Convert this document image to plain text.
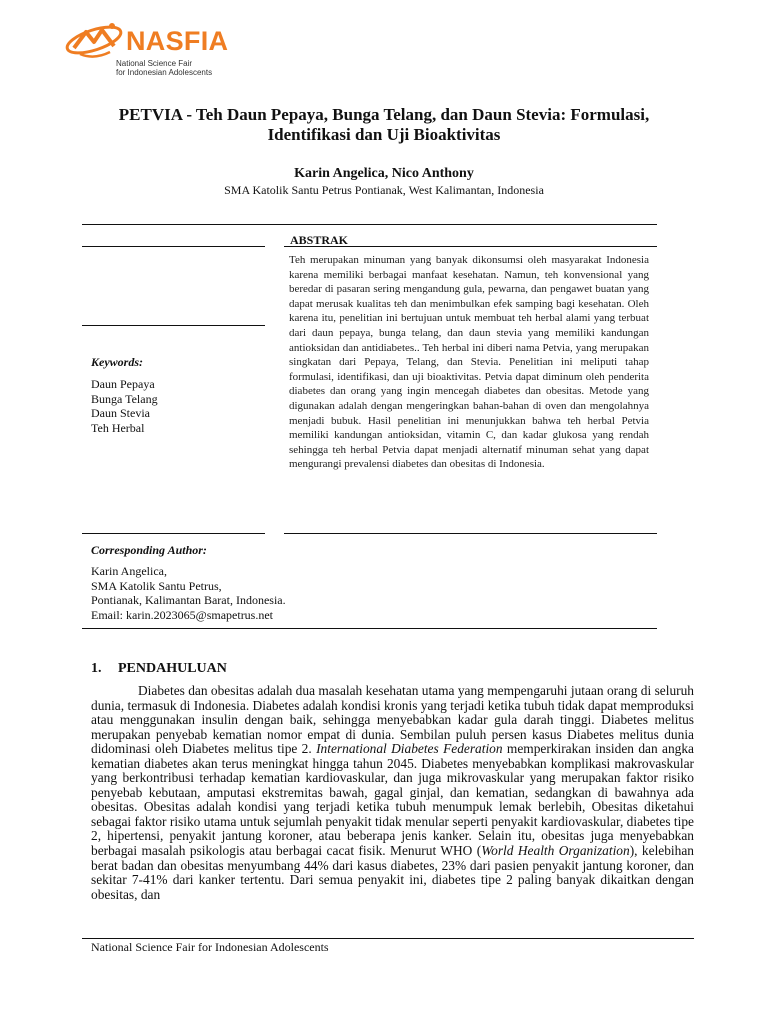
NASFIA
National Science Fair
for Indonesian Adolescents
PETVIA - Teh Daun Pepaya, Bunga Telang, dan Daun Stevia: Formulasi,
Identifikasi dan Uji Bioaktivitas
Karin Angelica, Nico Anthony
SMA Katolik Santu Petrus Pontianak, West Kalimantan, Indonesia
ABSTRAK
Teh merupakan minuman yang banyak dikonsumsi oleh masyarakat Indonesia karena memiliki berbagai manfaat kesehatan. Namun, teh konvensional yang beredar di pasaran sering mengandung gula, pewarna, dan pengawet buatan yang dapat merusak kualitas teh dan menimbulkan efek samping bagi kesehatan. Oleh karena itu, penelitian ini bertujuan untuk membuat teh herbal alami yang terbuat dari daun pepaya, bunga telang, dan daun stevia yang memiliki kandungan antioksidan dan antidiabetes.. Teh herbal ini diberi nama Petvia, yang merupakan singkatan dari Pepaya, Telang, dan Stevia. Penelitian ini meliputi tahap formulasi, identifikasi, dan uji bioaktivitas. Petvia dapat diminum oleh penderita diabetes dan orang yang ingin mencegah diabetes dan obesitas. Metode yang digunakan adalah dengan mengeringkan bahan-bahan di oven dan mengolahnya menjadi bubuk. Hasil penelitian ini menunjukkan bahwa teh herbal Petvia memiliki kandungan antioksidan, vitamin C, dan kadar glukosa yang rendah sehingga teh herbal Petvia dapat menjadi alternatif minuman sehat yang dapat mengurangi prevalensi diabetes dan obesitas di Indonesia.
Keywords:
Daun Pepaya
Bunga Telang
Daun Stevia
Teh Herbal
Corresponding Author:
Karin Angelica,
SMA Katolik Santu Petrus,
Pontianak, Kalimantan Barat, Indonesia.
Email: karin.2023065@smapetrus.net
1. PENDAHULUAN
Diabetes dan obesitas adalah dua masalah kesehatan utama yang mempengaruhi jutaan orang di seluruh dunia, termasuk di Indonesia. Diabetes adalah kondisi kronis yang terjadi ketika tubuh tidak dapat memproduksi atau menggunakan insulin dengan baik, sehingga menyebabkan kadar gula darah tinggi. Diabetes melitus merupakan penyebab kematian nomor empat di dunia. Sembilan puluh persen kasus Diabetes melitus dunia didominasi oleh Diabetes melitus tipe 2. International Diabetes Federation memperkirakan insiden dan angka kematian diabetes akan terus meningkat hingga tahun 2045. Diabetes menyebabkan komplikasi makrovaskular yang berkontribusi terhadap kematian kardiovaskular, dan juga mikrovaskular yang merupakan faktor risiko penyebab kebutaan, amputasi ekstremitas bawah, gagal ginjal, dan kematian, sedangkan di bawahnya ada obesitas. Obesitas adalah kondisi yang terjadi ketika tubuh menumpuk lemak berlebih, Obesitas diketahui sebagai faktor risiko utama untuk sejumlah penyakit tidak menular seperti penyakit kardiovaskular, diabetes tipe 2, hipertensi, penyakit jantung koroner, atau beberapa jenis kanker. Selain itu, obesitas juga menyebabkan berbagai masalah psikologis atau berbagai cacat fisik. Menurut WHO (World Health Organization), kelebihan berat badan dan obesitas menyumbang 44% dari kasus diabetes, 23% dari pasien penyakit jantung koroner, dan sekitar 7-41% dari kanker tertentu. Dari semua penyakit ini, diabetes tipe 2 paling banyak dikaitkan dengan obesitas, dan
National Science Fair for Indonesian Adolescents
